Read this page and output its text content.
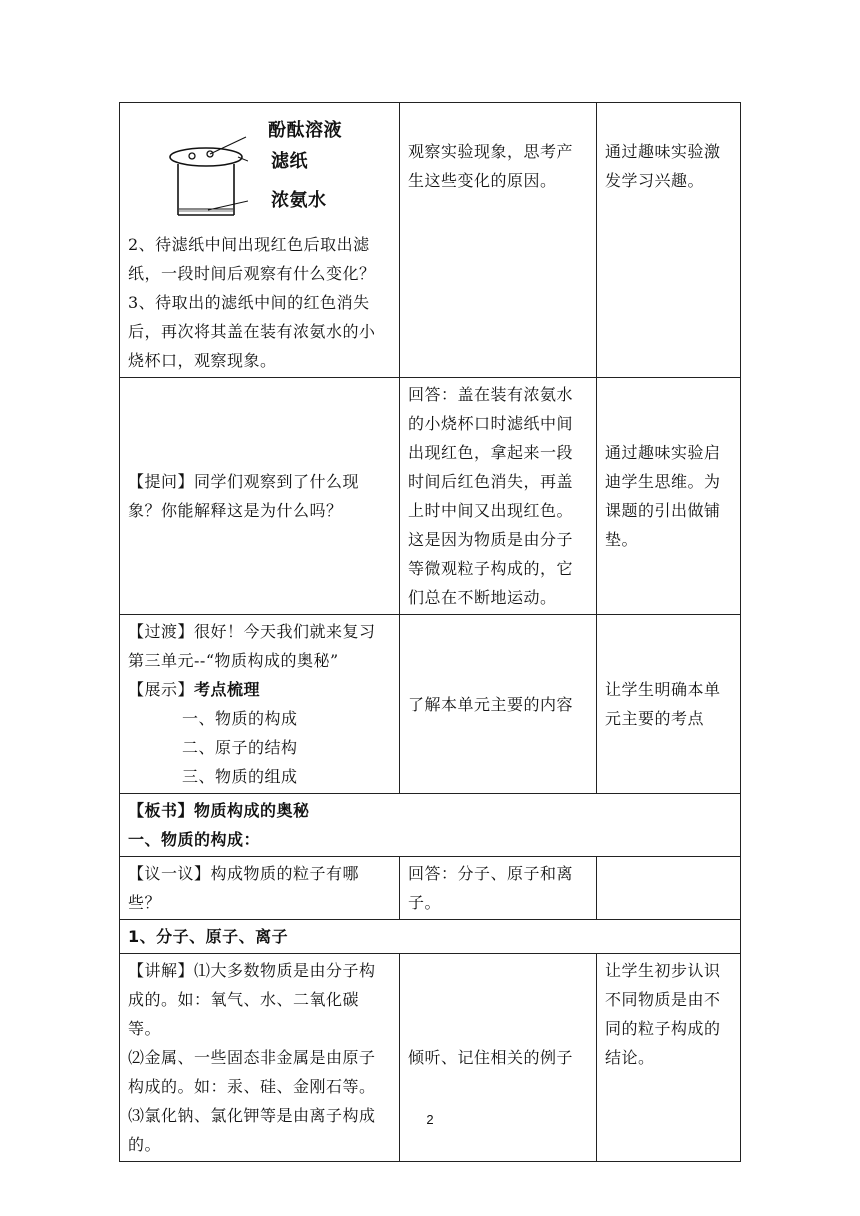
酚酞溶液
滤纸
浓氨水

2、待滤纸中间出现红色后取出滤纸，一段时间后观察有什么变化？

3、待取出的滤纸中间的红色消失后，再次将其盖在装有浓氨水的小烧杯口，观察现象。	观察实验现象，思考产生这些变化的原因。	通过趣味实验激发学习兴趣。
【提问】同学们观察到了什么现象？你能解释这是为什么吗？	回答：盖在装有浓氨水的小烧杯口时滤纸中间出现红色，拿起来一段时间后红色消失，再盖上时中间又出现红色。这是因为物质是由分子等微观粒子构成的，它们总在不断地运动。	通过趣味实验启迪学生思维。为课题的引出做铺垫。

【过渡】很好！今天我们就来复习第三单元--“物质构成的奥秘”

【展示】考点梳理

一、物质的构成
二、原子的结构
三、物质的组成	了解本单元主要的内容	让学生明确本单元主要的考点

【板书】物质构成的奥秘

一、物质的构成：		

【议一议】构成物质的粒子有哪些？	回答：分子、原子和离子。	
1、分子、原子、离子		

【讲解】⑴大多数物质是由分子构成的。如：氧气、水、二氧化碳等。

⑵金属、一些固态非金属是由原子构成的。如：汞、硅、金刚石等。

⑶氯化钠、氯化钾等是由离子构成的。	倾听、记住相关的例子	让学生初步认识不同物质是由不同的粒子构成的结论。
2
